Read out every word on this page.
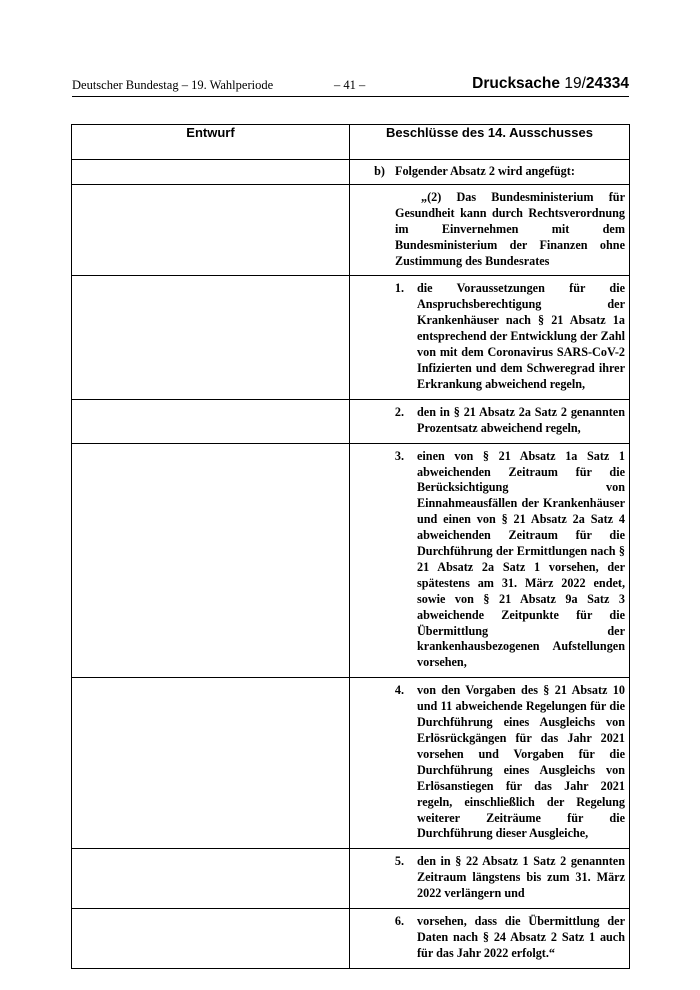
Deutscher Bundestag – 19. Wahlperiode	– 41 –	Drucksache 19/24334
Entwurf	Beschlüsse des 14. Ausschusses

	b) Folgender Absatz 2 wird angefügt:

	„(2) Das Bundesministerium für Gesundheit kann durch Rechtsverordnung im Einvernehmen mit dem Bundesministerium der Finanzen ohne Zustimmung des Bundesrates

	1. die Voraussetzungen für die Anspruchsberechtigung der Krankenhäuser nach § 21 Absatz 1a entsprechend der Entwicklung der Zahl von mit dem Coronavirus SARS-CoV-2 Infizierten und dem Schweregrad ihrer Erkrankung abweichend regeln,

	2. den in § 21 Absatz 2a Satz 2 genannten Prozentsatz abweichend regeln,

	3. einen von § 21 Absatz 1a Satz 1 abweichenden Zeitraum für die Berücksichtigung von Einnahmeausfällen der Krankenhäuser und einen von § 21 Absatz 2a Satz 4 abweichenden Zeitraum für die Durchführung der Ermittlungen nach § 21 Absatz 2a Satz 1 vorsehen, der spätestens am 31. März 2022 endet, sowie von § 21 Absatz 9a Satz 3 abweichende Zeitpunkte für die Übermittlung der krankenhausbezogenen Aufstellungen vorsehen,

	4. von den Vorgaben des § 21 Absatz 10 und 11 abweichende Regelungen für die Durchführung eines Ausgleichs von Erlösrückgängen für das Jahr 2021 vorsehen und Vorgaben für die Durchführung eines Ausgleichs von Erlösanstiegen für das Jahr 2021 regeln, einschließlich der Regelung weiterer Zeiträume für die Durchführung dieser Ausgleiche,

	5. den in § 22 Absatz 1 Satz 2 genannten Zeitraum längstens bis zum 31. März 2022 verlängern und

	6. vorsehen, dass die Übermittlung der Daten nach § 24 Absatz 2 Satz 1 auch für das Jahr 2022 erfolgt.“
